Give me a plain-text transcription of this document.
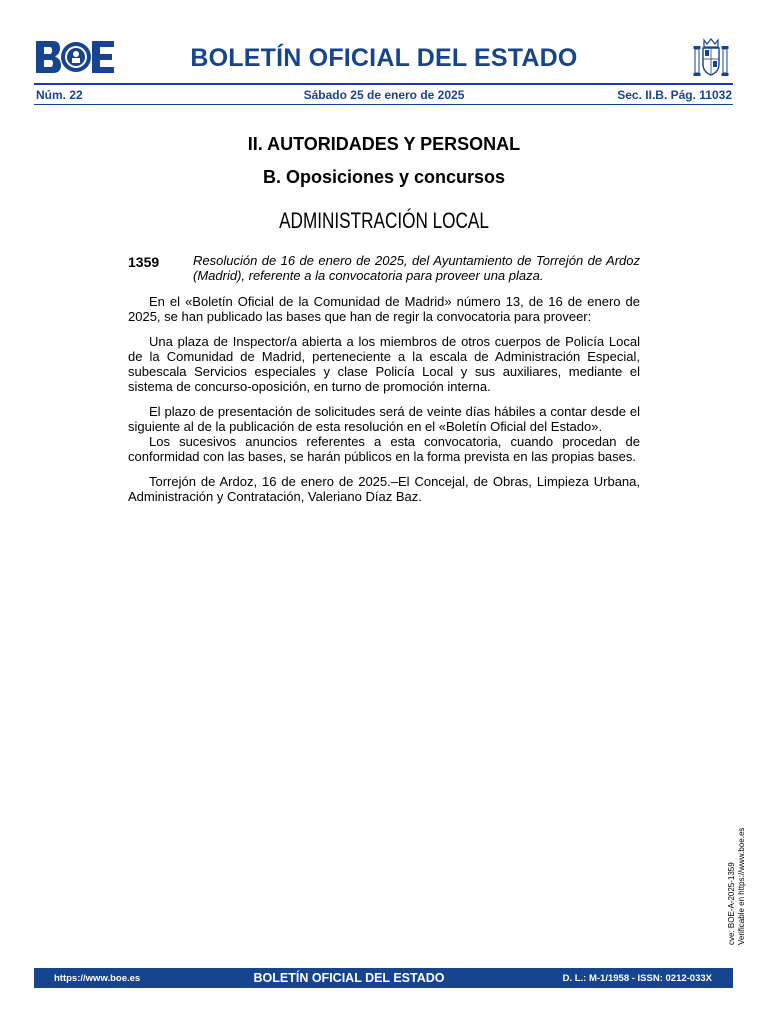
BOLETÍN OFICIAL DEL ESTADO
Núm. 22	Sábado 25 de enero de 2025	Sec. II.B. Pág. 11032
II. AUTORIDADES Y PERSONAL
B. Oposiciones y concursos
ADMINISTRACIÓN LOCAL
1359	Resolución de 16 de enero de 2025, del Ayuntamiento de Torrejón de Ardoz (Madrid), referente a la convocatoria para proveer una plaza.

En el «Boletín Oficial de la Comunidad de Madrid» número 13, de 16 de enero de 2025, se han publicado las bases que han de regir la convocatoria para proveer:

Una plaza de Inspector/a abierta a los miembros de otros cuerpos de Policía Local de la Comunidad de Madrid, perteneciente a la escala de Administración Especial, subescala Servicios especiales y clase Policía Local y sus auxiliares, mediante el sistema de concurso-oposición, en turno de promoción interna.

El plazo de presentación de solicitudes será de veinte días hábiles a contar desde el siguiente al de la publicación de esta resolución en el «Boletín Oficial del Estado».

Los sucesivos anuncios referentes a esta convocatoria, cuando procedan de conformidad con las bases, se harán públicos en la forma prevista en las propias bases.

Torrejón de Ardoz, 16 de enero de 2025.–El Concejal, de Obras, Limpieza Urbana, Administración y Contratación, Valeriano Díaz Baz.

cve: BOE-A-2025-1359 Verificable en https://www.boe.es
https://www.boe.es	BOLETÍN OFICIAL DEL ESTADO	D. L.: M-1/1958 - ISSN: 0212-033X
